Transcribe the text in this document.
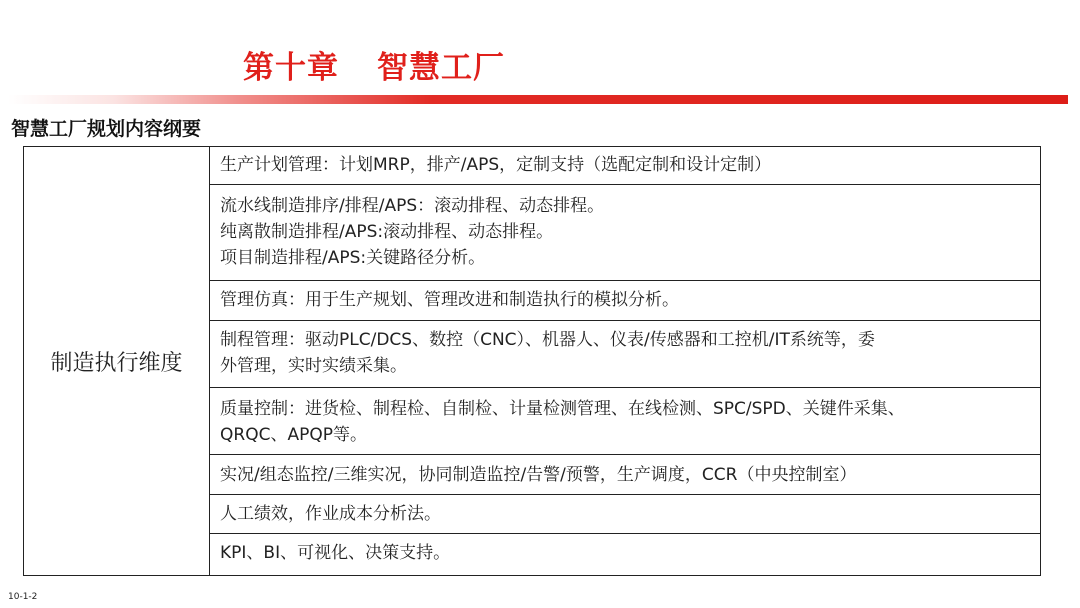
第十章 智慧工厂
智慧工厂规划内容纲要
制造执行维度
生产计划管理：计划MRP，排产/APS，定制支持（选配定制和设计定制）
流水线制造排序/排程/APS：滚动排程、动态排程。
纯离散制造排程/APS:滚动排程、动态排程。
项目制造排程/APS:关键路径分析。
管理仿真：用于生产规划、管理改进和制造执行的模拟分析。
制程管理：驱动PLC/DCS、数控（CNC）、机器人、仪表/传感器和工控机/IT系统等，委
外管理，实时实绩采集。
质量控制：进货检、制程检、自制检、计量检测管理、在线检测、SPC/SPD、关键件采集、
QRQC、APQP等。
实况/组态监控/三维实况，协同制造监控/告警/预警，生产调度，CCR（中央控制室）
人工绩效，作业成本分析法。
KPI、BI、可视化、决策支持。
10-1-2
